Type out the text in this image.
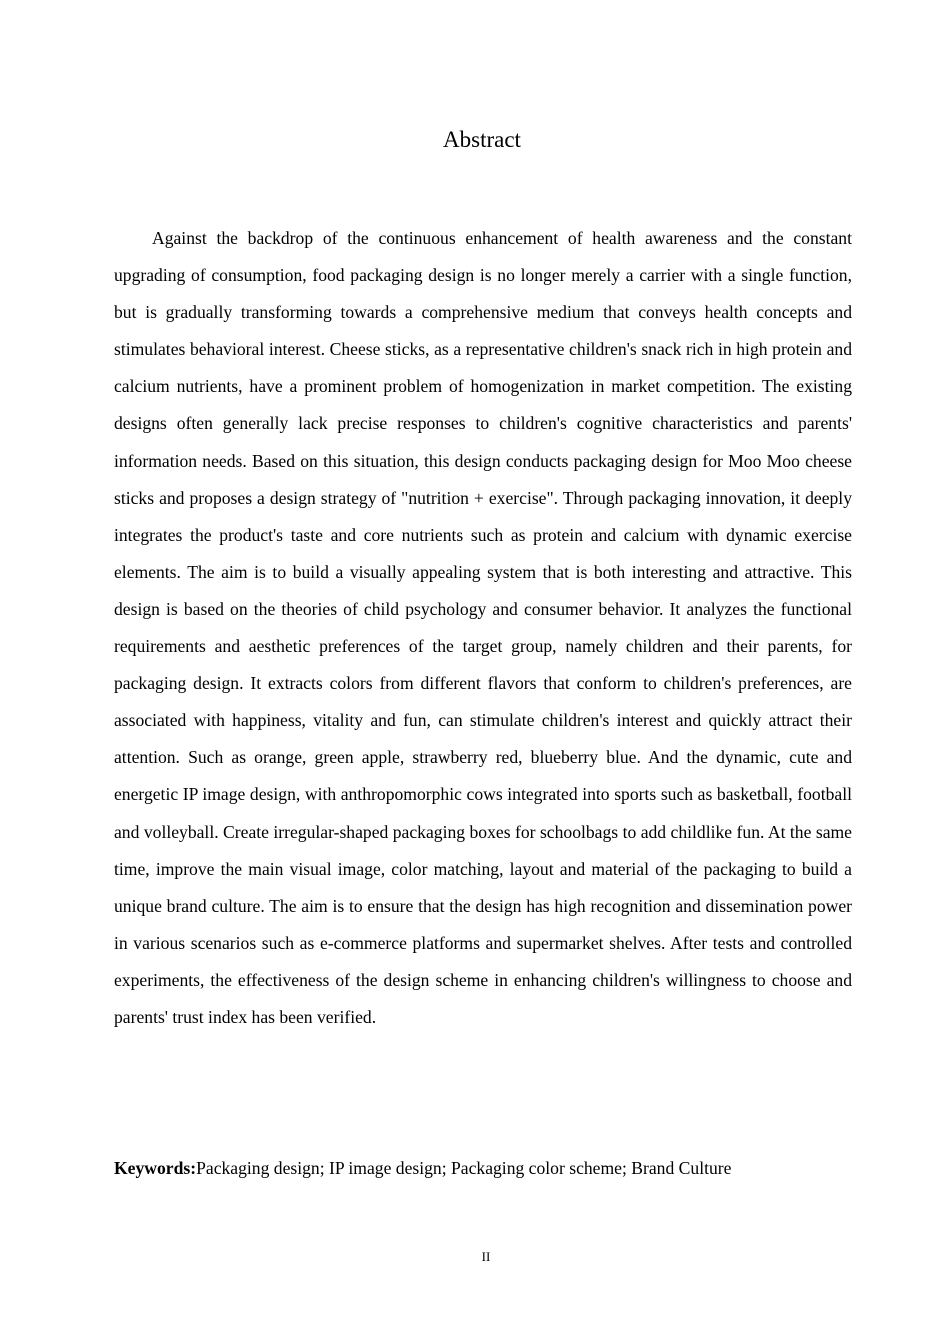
Abstract

Against the backdrop of the continuous enhancement of health awareness and the constant upgrading of consumption, food packaging design is no longer merely a carrier with a single function, but is gradually transforming towards a comprehensive medium that conveys health concepts and stimulates behavioral interest. Cheese sticks, as a representative children's snack rich in high protein and calcium nutrients, have a prominent problem of homogenization in market competition. The existing designs often generally lack precise responses to children's cognitive characteristics and parents' information needs. Based on this situation, this design conducts packaging design for Moo Moo cheese sticks and proposes a design strategy of "nutrition + exercise". Through packaging innovation, it deeply integrates the product's taste and core nutrients such as protein and calcium with dynamic exercise elements. The aim is to build a visually appealing system that is both interesting and attractive. This design is based on the theories of child psychology and consumer behavior. It analyzes the functional requirements and aesthetic preferences of the target group, namely children and their parents, for packaging design. It extracts colors from different flavors that conform to children's preferences, are associated with happiness, vitality and fun, can stimulate children's interest and quickly attract their attention. Such as orange, green apple, strawberry red, blueberry blue. And the dynamic, cute and energetic IP image design, with anthropomorphic cows integrated into sports such as basketball, football and volleyball. Create irregular-shaped packaging boxes for schoolbags to add childlike fun. At the same time, improve the main visual image, color matching, layout and material of the packaging to build a unique brand culture. The aim is to ensure that the design has high recognition and dissemination power in various scenarios such as e-commerce platforms and supermarket shelves. After tests and controlled experiments, the effectiveness of the design scheme in enhancing children's willingness to choose and parents' trust index has been verified.

Keywords:Packaging design; IP image design; Packaging color scheme; Brand Culture

II
